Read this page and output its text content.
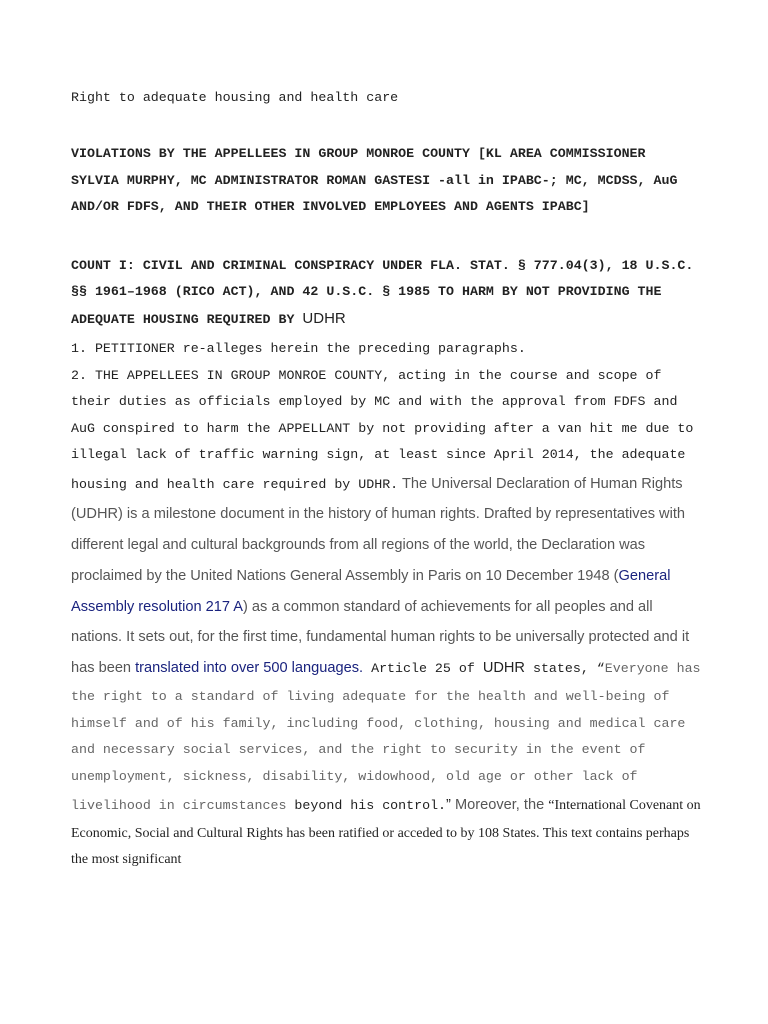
Right to adequate housing and health care

VIOLATIONS BY THE APPELLEES IN GROUP MONROE COUNTY [KL AREA COMMISSIONER SYLVIA MURPHY, MC ADMINISTRATOR ROMAN GASTESI -all in IPABC-; MC, MCDSS, AuG AND/OR FDFS, AND THEIR OTHER INVOLVED EMPLOYEES AND AGENTS IPABC]

COUNT I: CIVIL AND CRIMINAL CONSPIRACY UNDER FLA. STAT. § 777.04(3), 18 U.S.C. §§ 1961–1968 (RICO ACT), AND 42 U.S.C. § 1985 TO HARM BY NOT PROVIDING THE ADEQUATE HOUSING REQUIRED BY UDHR

1. PETITIONER re-alleges herein the preceding paragraphs.

2. THE APPELLEES IN GROUP MONROE COUNTY, acting in the course and scope of their duties as officials employed by MC and with the approval from FDFS and AuG conspired to harm the APPELLANT by not providing after a van hit me due to illegal lack of traffic warning sign, at least since April 2014, the adequate housing and health care required by UDHR. The Universal Declaration of Human Rights (UDHR) is a milestone document in the history of human rights. Drafted by representatives with different legal and cultural backgrounds from all regions of the world, the Declaration was proclaimed by the United Nations General Assembly in Paris on 10 December 1948 (General Assembly resolution 217 A) as a common standard of achievements for all peoples and all nations. It sets out, for the first time, fundamental human rights to be universally protected and it has been translated into over 500 languages. Article 25 of UDHR states, “Everyone has the right to a standard of living adequate for the health and well-being of himself and of his family, including food, clothing, housing and medical care and necessary social services, and the right to security in the event of unemployment, sickness, disability, widowhood, old age or other lack of livelihood in circumstances beyond his control.” Moreover, the “International Covenant on Economic, Social and Cultural Rights has been ratified or acceded to by 108 States. This text contains perhaps the most significant
